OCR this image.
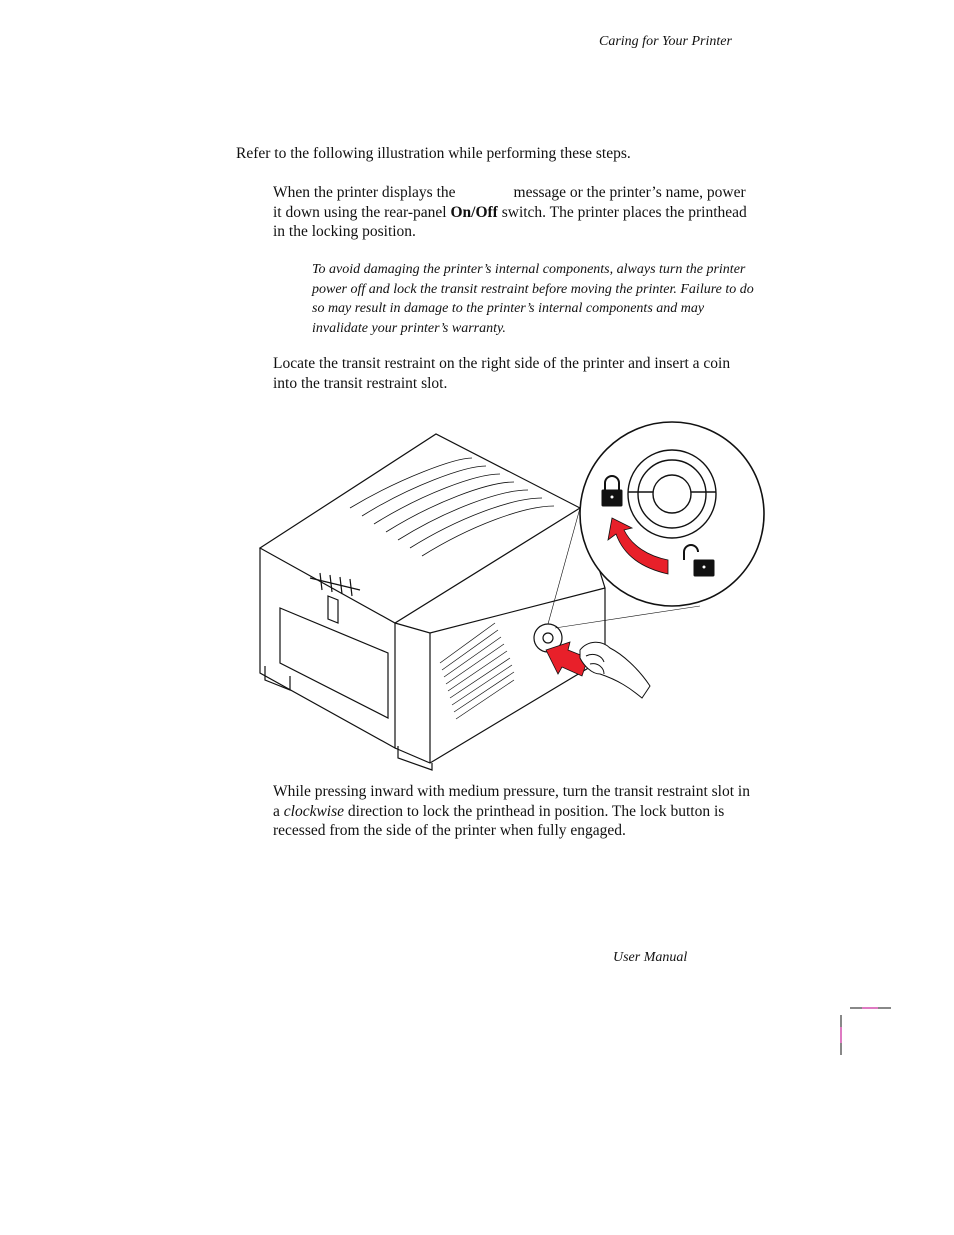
Caring for Your Printer
Refer to the following illustration while performing these steps.
When the printer displays the	message or the printer’s name, power it down using the rear-panel On/Off switch. The printer places the printhead in the locking position.
To avoid damaging the printer’s internal components, always turn the printer power off and lock the transit restraint before moving the printer. Failure to do so may result in damage to the printer’s internal components and may invalidate your printer’s warranty.
Locate the transit restraint on the right side of the printer and insert a coin into the transit restraint slot.
While pressing inward with medium pressure, turn the transit restraint slot in a clockwise direction to lock the printhead in position. The lock button is recessed from the side of the printer when fully engaged.
User Manual
